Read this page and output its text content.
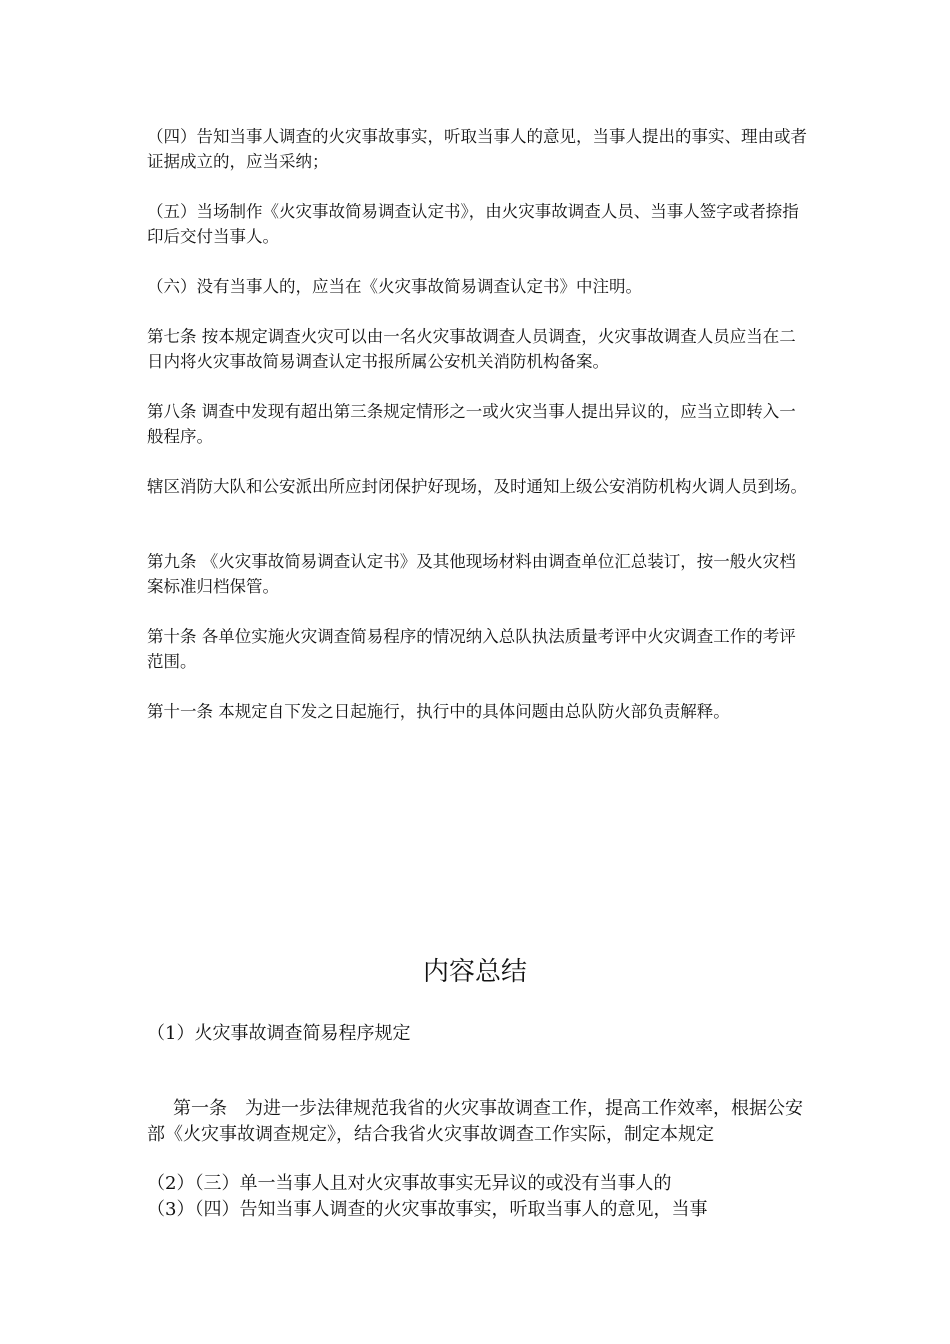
（四）告知当事人调查的火灾事故事实，听取当事人的意见，当事人提出的事实、理由或者证据成立的，应当采纳；

（五）当场制作《火灾事故简易调查认定书》，由火灾事故调查人员、当事人签字或者捺指印后交付当事人。

（六）没有当事人的，应当在《火灾事故简易调查认定书》中注明。

第七条 按本规定调查火灾可以由一名火灾事故调查人员调查，火灾事故调查人员应当在二日内将火灾事故简易调查认定书报所属公安机关消防机构备案。

第八条 调查中发现有超出第三条规定情形之一或火灾当事人提出异议的，应当立即转入一般程序。

辖区消防大队和公安派出所应封闭保护好现场，及时通知上级公安消防机构火调人员到场。

第九条 《火灾事故简易调查认定书》及其他现场材料由调查单位汇总装订，按一般火灾档案标准归档保管。

第十条 各单位实施火灾调查简易程序的情况纳入总队执法质量考评中火灾调查工作的考评范围。

第十一条 本规定自下发之日起施行，执行中的具体问题由总队防火部负责解释。

内容总结

（1）火灾事故调查简易程序规定

第一条　为进一步法律规范我省的火灾事故调查工作，提高工作效率，根据公安部《火灾事故调查规定》，结合我省火灾事故调查工作实际，制定本规定

（2）（三）单一当事人且对火灾事故事实无异议的或没有当事人的

（3）（四）告知当事人调查的火灾事故事实，听取当事人的意见，当事
